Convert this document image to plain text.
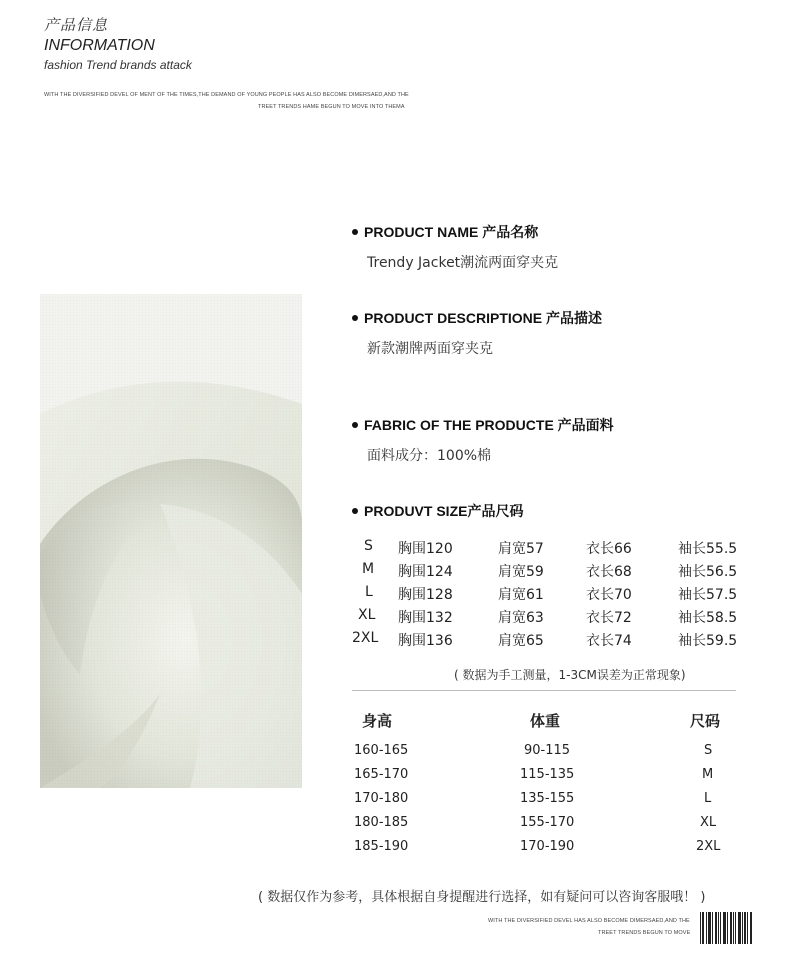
产品信息
INFORMATION
fashion Trend brands attack
WITH THE DIVERSIFIED DEVEL OF MENT OF THE TIMES,THE DEMAND OF YOUNG PEOPLE HAS ALSO BECOME DIMERSAED,AND THE
TREET TRENDS HAME BEGUN TO MOVE INTO THEMA
PRODUCT NAME 产品名称
Trendy Jacket潮流两面穿夹克
PRODUCT DESCRIPTIONE 产品描述
新款潮牌两面穿夹克
FABRIC OF THE PRODUCTE 产品面料
面料成分：100%棉
PRODUVT SIZE产品尺码
S 胸围120	肩宽57	衣长66	袖长55.5
M 胸围124	肩宽59	衣长68	袖长56.5
L 胸围128	肩宽61	衣长70	袖长57.5
XL 胸围132	肩宽63	衣长72	袖长58.5
2XL 胸围136	肩宽65	衣长74	袖长59.5
( 数据为手工测量，1-3CM误差为正常现象)
身高	体重	尺码
160-165	90-115	S
165-170	115-135	M
170-180	135-155	L
180-185	155-170	XL
185-190	170-190	2XL
( 数据仅作为参考，具体根据自身提醒进行选择，如有疑问可以咨询客服哦！ )
WITH THE DIVERSIFIED DEVEL HAS ALSO BECOME DIMERSAED,AND THE
TREET TRENDS BEGUN TO MOVE
